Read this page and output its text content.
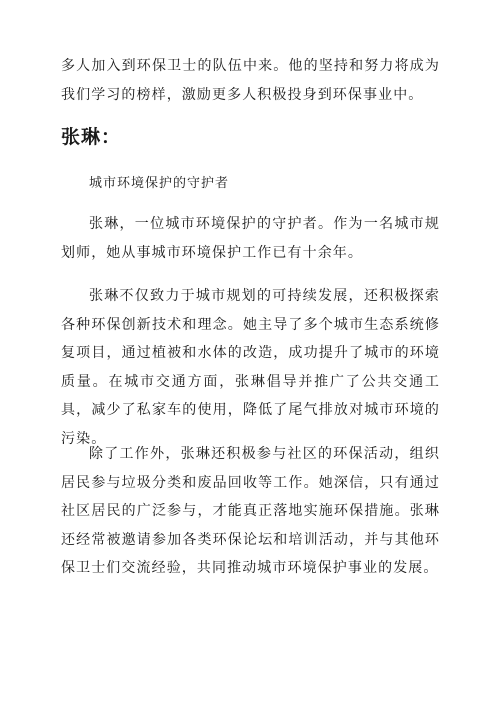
多人加入到环保卫士的队伍中来。他的坚持和努力将成为我们学习的榜样，激励更多人积极投身到环保事业中。

张琳：

城市环境保护的守护者

张琳，一位城市环境保护的守护者。作为一名城市规划师，她从事城市环境保护工作已有十余年。

张琳不仅致力于城市规划的可持续发展，还积极探索各种环保创新技术和理念。她主导了多个城市生态系统修复项目，通过植被和水体的改造，成功提升了城市的环境质量。在城市交通方面，张琳倡导并推广了公共交通工具，减少了私家车的使用，降低了尾气排放对城市环境的污染。

除了工作外，张琳还积极参与社区的环保活动，组织居民参与垃圾分类和废品回收等工作。她深信，只有通过社区居民的广泛参与，才能真正落地实施环保措施。张琳还经常被邀请参加各类环保论坛和培训活动，并与其他环保卫士们交流经验，共同推动城市环境保护事业的发展。
